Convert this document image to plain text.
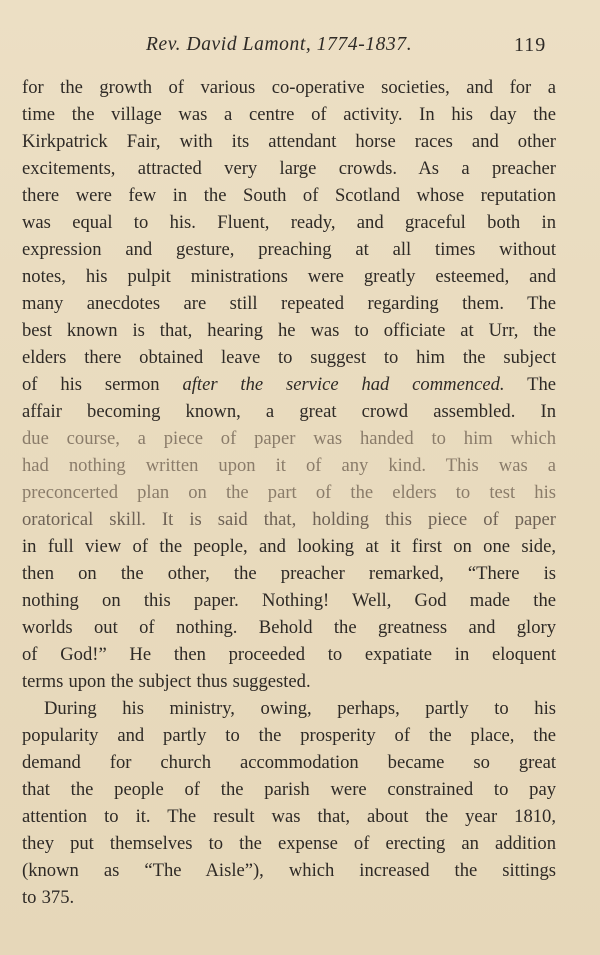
Rev. David Lamont, 1774-1837.	119
for the growth of various co-operative societies, and for a
time the village was a centre of activity. In his day the
Kirkpatrick Fair, with its attendant horse races and other
excitements, attracted very large crowds. As a preacher
there were few in the South of Scotland whose reputation
was equal to his. Fluent, ready, and graceful both in
expression and gesture, preaching at all times without
notes, his pulpit ministrations were greatly esteemed, and
many anecdotes are still repeated regarding them. The
best known is that, hearing he was to officiate at Urr, the
elders there obtained leave to suggest to him the subject
of his sermon after the service had commenced. The
affair becoming known, a great crowd assembled. In
due course, a piece of paper was handed to him which
had nothing written upon it of any kind. This was a
preconcerted plan on the part of the elders to test his
oratorical skill. It is said that, holding this piece of paper
in full view of the people, and looking at it first on one side,
then on the other, the preacher remarked, “There is
nothing on this paper. Nothing! Well, God made the
worlds out of nothing. Behold the greatness and glory
of God!” He then proceeded to expatiate in eloquent
terms upon the subject thus suggested.
During his ministry, owing, perhaps, partly to his
popularity and partly to the prosperity of the place, the
demand for church accommodation became so great
that the people of the parish were constrained to pay
attention to it. The result was that, about the year 1810,
they put themselves to the expense of erecting an addition
(known as “The Aisle”), which increased the sittings
to 375.
